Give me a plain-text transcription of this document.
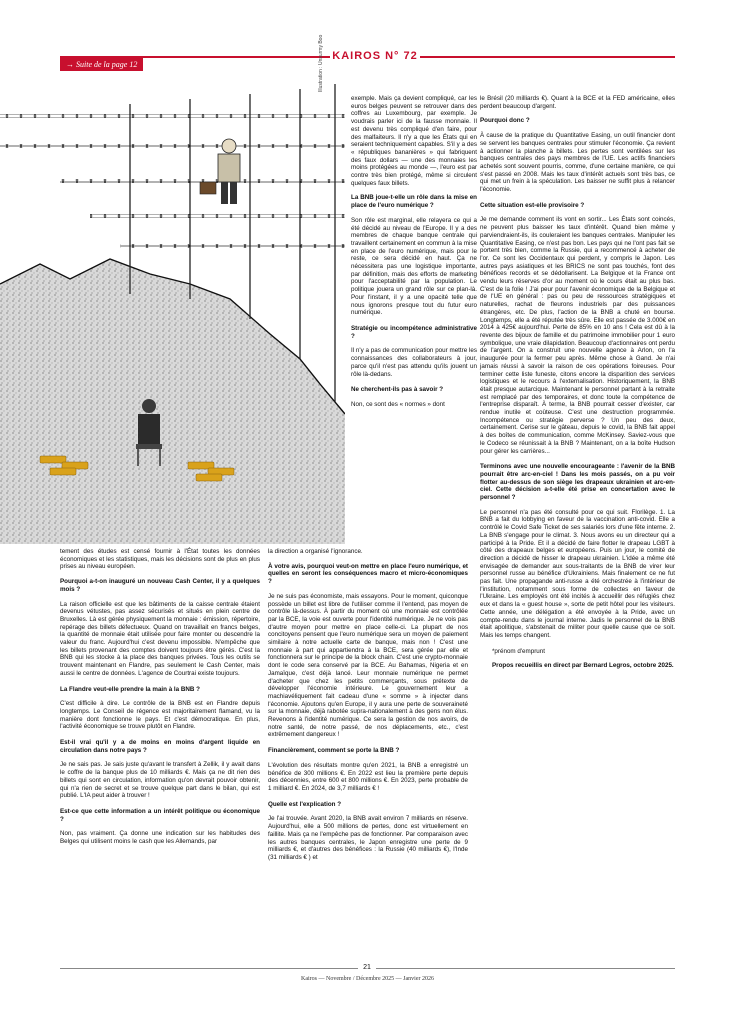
→ Suite de la page 12
KAIROS N° 72
Illustration : Unsurmy Boo

exemple. Mais ça devient compliqué, car les euros belges peuvent se retrouver dans des coffres au Luxembourg, par exemple. Je voudrais parler ici de la fausse monnaie. Il est devenu très compliqué d'en faire, pour des malfaiteurs. Il n'y a que les États qui en seraient techniquement capables. S'il y a des « républiques bananières » qui fabriquent des faux dollars — une des monnaies les moins protégées au monde —, l'euro est par contre très bien protégé, même si circulent quelques faux billets.

La BNB joue-t-elle un rôle dans la mise en place de l'euro numérique ?

Son rôle est marginal, elle relayera ce qui a été décidé au niveau de l'Europe. Il y a des membres de chaque banque centrale qui travaillent certainement en commun à la mise en place de l'euro numérique, mais pour le reste, ce sera décidé en haut. Ça ne nécessitera pas une logistique importante, par définition, mais des efforts de marketing pour l'acceptabilité par la population. Le politique jouera un grand rôle sur ce plan-là. Pour l'instant, il y a une opacité telle que nous ignorons presque tout du futur euro numérique.

Stratégie ou incompétence administrative ?

Il n'y a pas de communication pour mettre les connaissances des collaborateurs à jour, parce qu'il n'est pas attendu qu'ils jouent un rôle là-dedans.

Ne cherchent-ils pas à savoir ?

Non, ce sont des « normes » dont

tement des études est censé fournir à l'État toutes les données économiques et les statistiques, mais les décisions sont de plus en plus prises au niveau européen.

Pourquoi a-t-on inauguré un nouveau Cash Center, il y a quelques mois ?

La raison officielle est que les bâtiments de la caisse centrale étaient devenus vétustes, pas assez sécurisés et situés en plein centre de Bruxelles. Là est gérée physiquement la monnaie : émission, répertoire, repérage des billets défectueux. Quand on travaillait en francs belges, la quantité de monnaie était utilisée pour faire monter ou descendre la valeur du franc. Aujourd'hui c'est devenu impossible. N'empêche que les billets provenant des comptes doivent toujours être gérés. C'est la BNB qui les stocke à la place des banques privées. Tous les outils se trouvent maintenant en Flandre, pas seulement le Cash Center, mais aussi le centre de données. L'agence de Courtrai existe toujours.

La Flandre veut-elle prendre la main à la BNB ?

C'est difficile à dire. Le contrôle de la BNB est en Flandre depuis longtemps. Le Conseil de régence est majoritairement flamand, vu la manière dont fonctionne le pays. Et c'est démocratique. En plus, l'activité économique se trouve plutôt en Flandre.

Est-il vrai qu'il y a de moins en moins d'argent liquide en circulation dans notre pays ?

Je ne sais pas. Je sais juste qu'avant le transfert à Zellik, il y avait dans le coffre de la banque plus de 10 milliards €. Mais ça ne dit rien des billets qui sont en circulation, information qu'on devrait pouvoir obtenir, qui n'a rien de secret et se trouve quelque part dans le bilan, qui est publié. L'IA peut aider à trouver !

Est-ce que cette information a un intérêt politique ou économique ?

Non, pas vraiment. Ça donne une indication sur les habitudes des Belges qui utilisent moins le cash que les Allemands, par

la direction a organisé l'ignorance.

À votre avis, pourquoi veut-on mettre en place l'euro numérique, et quelles en seront les conséquences macro et micro-économiques ?

Je ne suis pas économiste, mais essayons. Pour le moment, quiconque possède un billet est libre de l'utiliser comme il l'entend, pas moyen de contrôle là-dessus. À partir du moment où une monnaie est contrôlée par la BCE, la voie est ouverte pour l'identité numérique. Je ne vois pas d'autre moyen pour mettre en place celle-ci. La plupart de nos concitoyens pensent que l'euro numérique sera un moyen de paiement similaire à notre actuelle carte de banque, mais non ! C'est une monnaie à part qui appartiendra à la BCE, sera gérée par elle et fonctionnera sur le principe de la block chain. C'est une crypto-monnaie dont le code sera conservé par la BCE. Au Bahamas, Nigeria et en Jamaïque, c'est déjà lancé. Leur monnaie numérique ne permet d'acheter que chez les petits commerçants, sous prétexte de développer l'économie intérieure. Le gouvernement leur a machiavéliquement fait cadeau d'une « somme » à injecter dans l'économie. Ajoutons qu'en Europe, il y aura une perte de souveraineté sur la monnaie, déjà rabotée supra-nationalement à des gens non élus. Revenons à l'identité numérique. Ce sera la gestion de nos avoirs, de notre santé, de notre passé, de nos déplacements, etc., c'est extrêmement dangereux !

Financièrement, comment se porte la BNB ?

L'évolution des résultats montre qu'en 2021, la BNB a enregistré un bénéfice de 300 millions €. En 2022 est lieu la première perte depuis des décennies, entre 600 et 800 millions €. En 2023, perte probable de 1 milliard €. En 2024, de 3,7 milliards € !

Quelle est l'explication ?

Je l'ai trouvée. Avant 2020, la BNB avait environ 7 milliards en réserve. Aujourd'hui, elle a 500 millions de pertes, donc est virtuellement en faillite. Mais ça ne l'empêche pas de fonctionner. Par comparaison avec les autres banques centrales, le Japon enregistre une perte de 9 milliards €, et d'autres des bénéfices : la Russie (40 milliards €), l'Inde (31 milliards € ) et

le Brésil (20 milliards €). Quant à la BCE et la FED américaine, elles perdent beaucoup d'argent.

Pourquoi donc ?

À cause de la pratique du Quantitative Easing, un outil financier dont se servent les banques centrales pour stimuler l'économie. Ça revient à actionner la planche à billets. Les pertes sont ventilées sur les banques centrales des pays membres de l'UE. Les actifs financiers achetés sont souvent pourris, comme, d'une certaine manière, ce qui s'est passé en 2008. Mais les taux d'intérêt actuels sont très bas, ce qui met un frein à la spéculation. Les baisser ne suffit plus à relancer l'économie.

Cette situation est-elle provisoire ?

Je me demande comment ils vont en sortir... Les États sont coincés, ne peuvent plus baisser les taux d'intérêt. Quand bien même y parviendraient-ils, ils couleraient les banques centrales. Manipuler les Quantitative Easing, ce n'est pas bon. Les pays qui ne l'ont pas fait se portent très bien, comme la Russie, qui a recommencé à acheter de l'or. Ce sont les Occidentaux qui perdent, y compris le Japon. Les autres pays asiatiques et les BRICS ne sont pas touchés, font des bénéfices records et se dédollarisent. La Belgique et la France ont vendu leurs réserves d'or au moment où le cours était au plus bas. C'est de la folie ! J'ai peur pour l'avenir économique de la Belgique et de l'UE en général : pas ou peu de ressources stratégiques et naturelles, rachat de fleurons industriels par des puissances étrangères, etc. De plus, l'action de la BNB a chuté en bourse. Longtemps, elle a été réputée très sûre. Elle est passée de 3.000€ en 2014 à 425€ aujourd'hui. Perte de 85% en 10 ans ! Cela est dû à la revente des bijoux de famille et du patrimoine immobilier pour 1 euro symbolique, une vraie dilapidation. Beaucoup d'actionnaires ont perdu de l'argent. On a construit une nouvelle agence à Arlon, on l'a inaugurée pour la fermer peu après. Même chose à Gand. Je n'ai jamais réussi à savoir la raison de ces opérations foireuses. Pour terminer cette liste funeste, citons encore la disparition des services logistiques et le recours à l'externalisation. Historiquement, la BNB était presque autarcique. Maintenant le personnel partant à la retraite est remplacé par des temporaires, et donc toute la compétence de l'entreprise disparaît. À terme, la BNB pourrait cesser d'exister, car rendue inutile et coûteuse. C'est une destruction programmée. Incompétence ou stratégie perverse ? Un peu des deux, certainement. Cerise sur le gâteau, depuis le covid, la BNB fait appel à des boîtes de communication, comme McKinsey. Saviez-vous que le Codeco se réunissait à la BNB ? Maintenant, on a la boîte Hudson pour gérer les carrières...

Terminons avec une nouvelle encourageante : l'avenir de la BNB pourrait être arc-en-ciel ! Dans les mois passés, on a pu voir flotter au-dessus de son siège les drapeaux ukrainien et arc-en-ciel. Cette décision a-t-elle été prise en concertation avec le personnel ?

Le personnel n'a pas été consulté pour ce qui suit. Florilège. 1. La BNB a fait du lobbying en faveur de la vaccination anti-covid. Elle a contrôlé le Covid Safe Ticket de ses salariés lors d'une fête interne. 2. La BNB s'engage pour le climat. 3. Nous avons eu un directeur qui a participé à la Pride. Et il a décidé de faire flotter le drapeau LGBT à côté des drapeaux belges et européens. Puis un jour, le comité de direction a décidé de hisser le drapeau ukrainien. L'idée a même été envisagée de demander aux sous-traitants de la BNB de virer leur personnel russe au bénéfice d'Ukrainiens. Mais finalement ce ne fut pas fait. Une propagande anti-russe a été orchestrée à l'intérieur de l'institution, notamment sous forme de collectes en faveur de l'Ukraine. Les employés ont été incités à accueillir des réfugiés chez eux et dans la « guest house », sorte de petit hôtel pour les visiteurs. Cette année, une délégation a été envoyée à la Pride, avec un compte-rendu dans le journal interne. Jadis le personnel de la BNB était apolitique, s'abstenait de militer pour quelle cause que ce soit. Mais les temps changent.

*prénom d'emprunt

Propos recueillis en direct par Bernard Legros, octobre 2025.

21
Kairos — Novembre / Décembre 2025 — Janvier 2026
